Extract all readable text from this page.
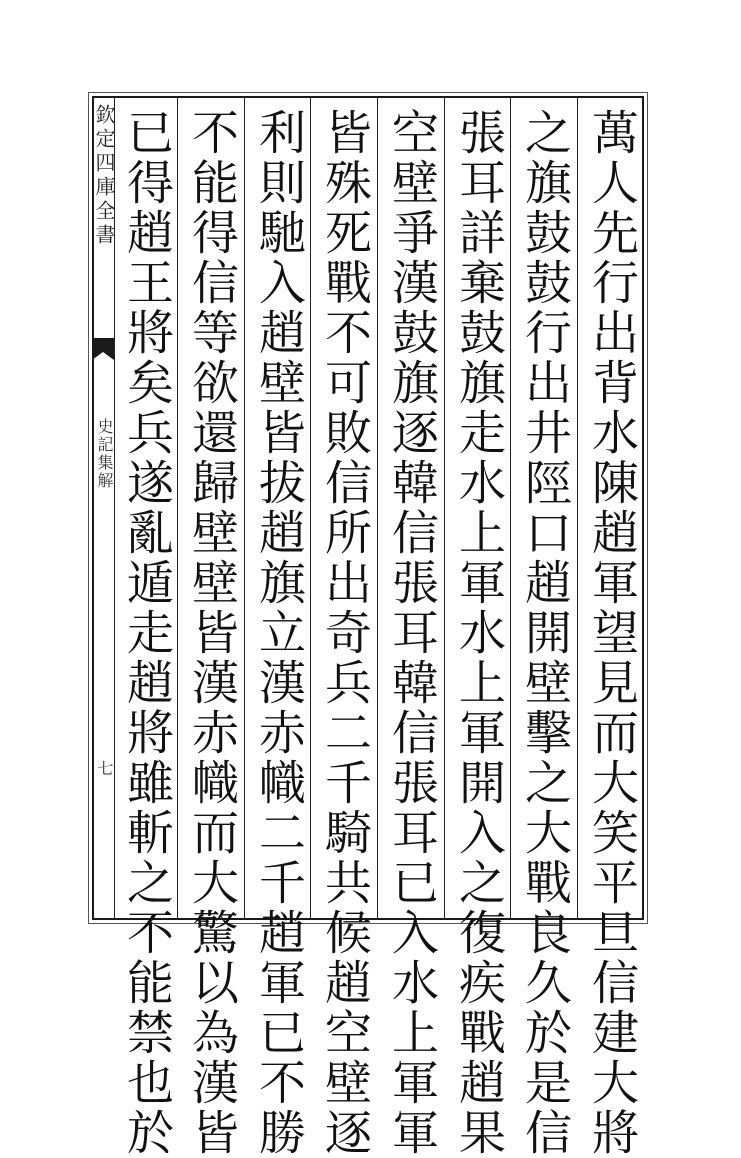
欽定四庫全書
史記集解
七	萬人先行出背水陳趙軍望見而大笑平旦信建大將
之旗鼓鼓行出井陘口趙開壁擊之大戰良久於是信
張耳詳棄鼓旗走水上軍水上軍開入之復疾戰趙果
空壁爭漢鼓旗逐韓信張耳韓信張耳已入水上軍軍
皆殊死戰不可敗信所出奇兵二千騎共候趙空壁逐
利則馳入趙壁皆拔趙旗立漢赤幟二千趙軍已不勝
不能得信等欲還歸壁壁皆漢赤幟而大驚以為漢皆
已得趙王將矣兵遂亂遁走趙將雖斬之不能禁也於
